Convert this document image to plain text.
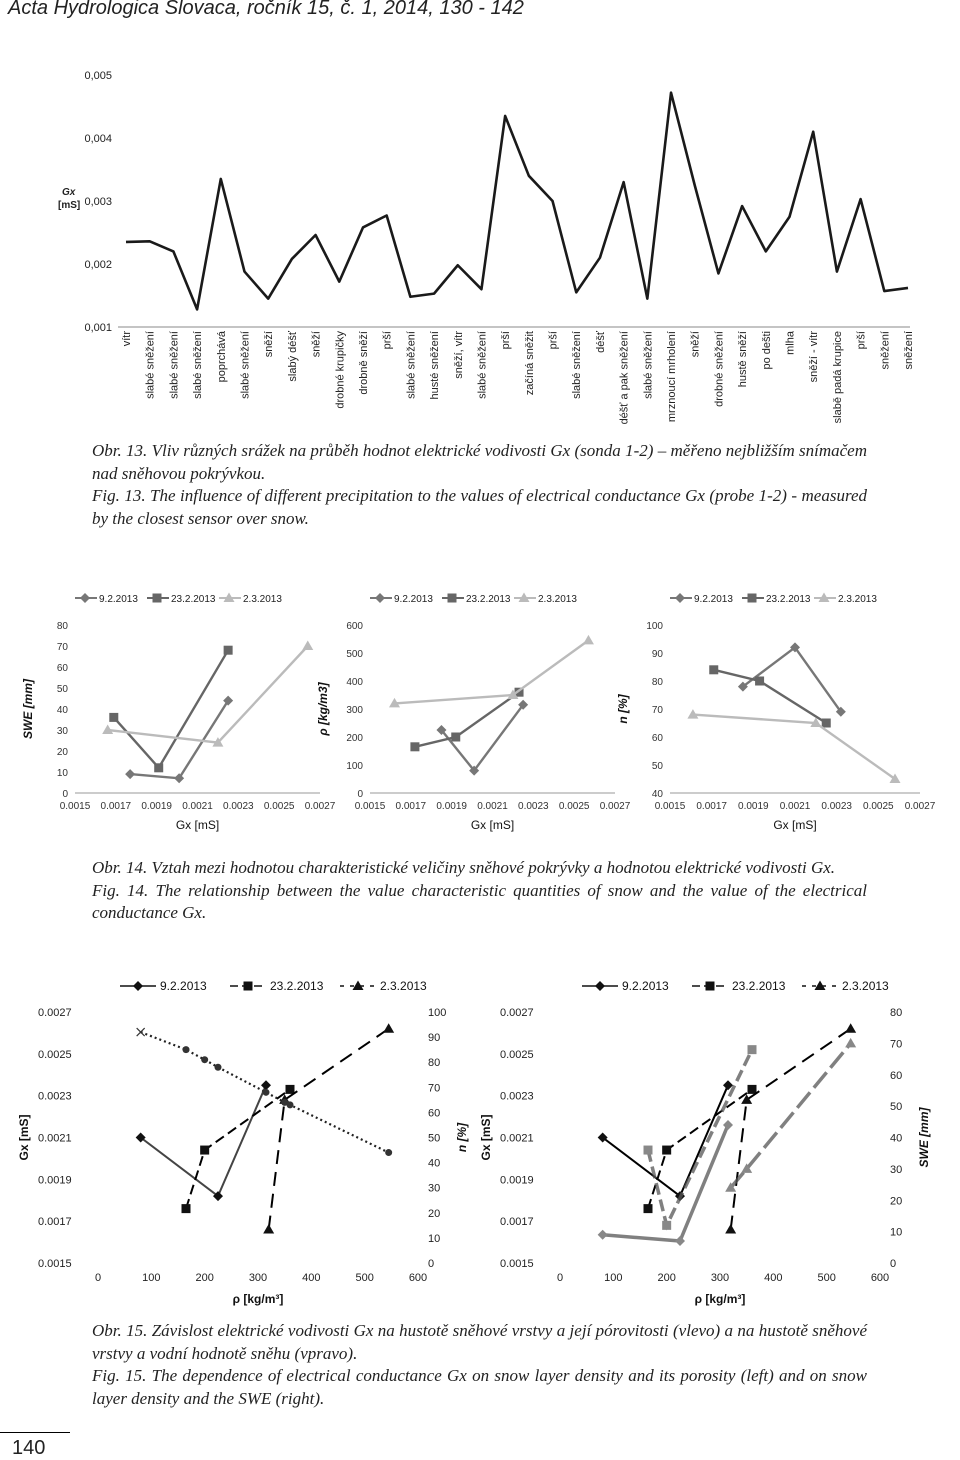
Acta Hydrologica Slovaca, ročník 15, č. 1, 2014, 130 - 142
0,001
0,002
0,003
0,004
0,005
Gx
[mS]
vítr slabé sněžení slabé sněžení slabé sněžení poprchává slabé sněžení sněží slabý déšť sněží drobné krupičky drobně sněží prší slabé sněžení husté sněžení sněží, vítr slabé sněžení prší začíná sněžit prší slabé sněžení déšť déšť a pak sněžení slabé sněžení mrznoucí mrholení sněží drobné sněžení hustě sněží po dešti mlha sněží - vítr slabě padá krupice prší sněžení sněžení

Obr. 13. Vliv různých srážek na průběh hodnot elektrické vodivosti Gx (sonda 1-2) – měřeno nejbližším snímačem nad sněhovou pokrývkou.

Fig. 13. The influence of different precipitation to the values of electrical conductance Gx (probe 1-2) - measured by the closest sensor over snow.

0
10
20
30
40
50
60
70
80
0.0015 0.0017 0.0019 0.0021 0.0023 0.0025 0.0027
Gx [mS]
SWE [mm]
9.2.2013	23.2.2013	2.3.2013
0
100
200
300
400
500
600
0.0015 0.0017 0.0019 0.0021 0.0023 0.0025 0.0027
Gx [mS]
ρ [kg/m3]
9.2.2013	23.2.2013	2.3.2013
40
50
60
70
80
90
100
0.0015 0.0017 0.0019 0.0021 0.0023 0.0025 0.0027
Gx [mS]
n [%]
9.2.2013	23.2.2013	2.3.2013

Obr. 14. Vztah mezi hodnotou charakteristické veličiny sněhové pokrývky a hodnotou elektrické vodivosti Gx.

Fig. 14. The relationship between the value characteristic quantities of snow and the value of the electrical conductance Gx.

0.0015
0.0017
0.0019
0.0021
0.0023
0.0025
0.0027
0	100	200	300	400	500	600
0
10
20
30
40
50
60
70
80
90
100
ρ [kg/m³]
Gx [mS]	n [%]
9.2.2013	23.2.2013	2.3.2013
0.0015
0.0017
0.0019
0.0021
0.0023
0.0025
0.0027
0	100	200	300	400	500	600
0
10
20
30
40
50
60
70
80
ρ [kg/m³]
Gx [mS]	SWE [mm]
9.2.2013	23.2.2013	2.3.2013

Obr. 15. Závislost elektrické vodivosti Gx na hustotě sněhové vrstvy a její pórovitosti (vlevo) a na hustotě sněhové vrstvy a vodní hodnotě sněhu (vpravo).

Fig. 15. The dependence of electrical conductance Gx on snow layer density and its porosity (left) and on snow layer density and the SWE (right).

140
